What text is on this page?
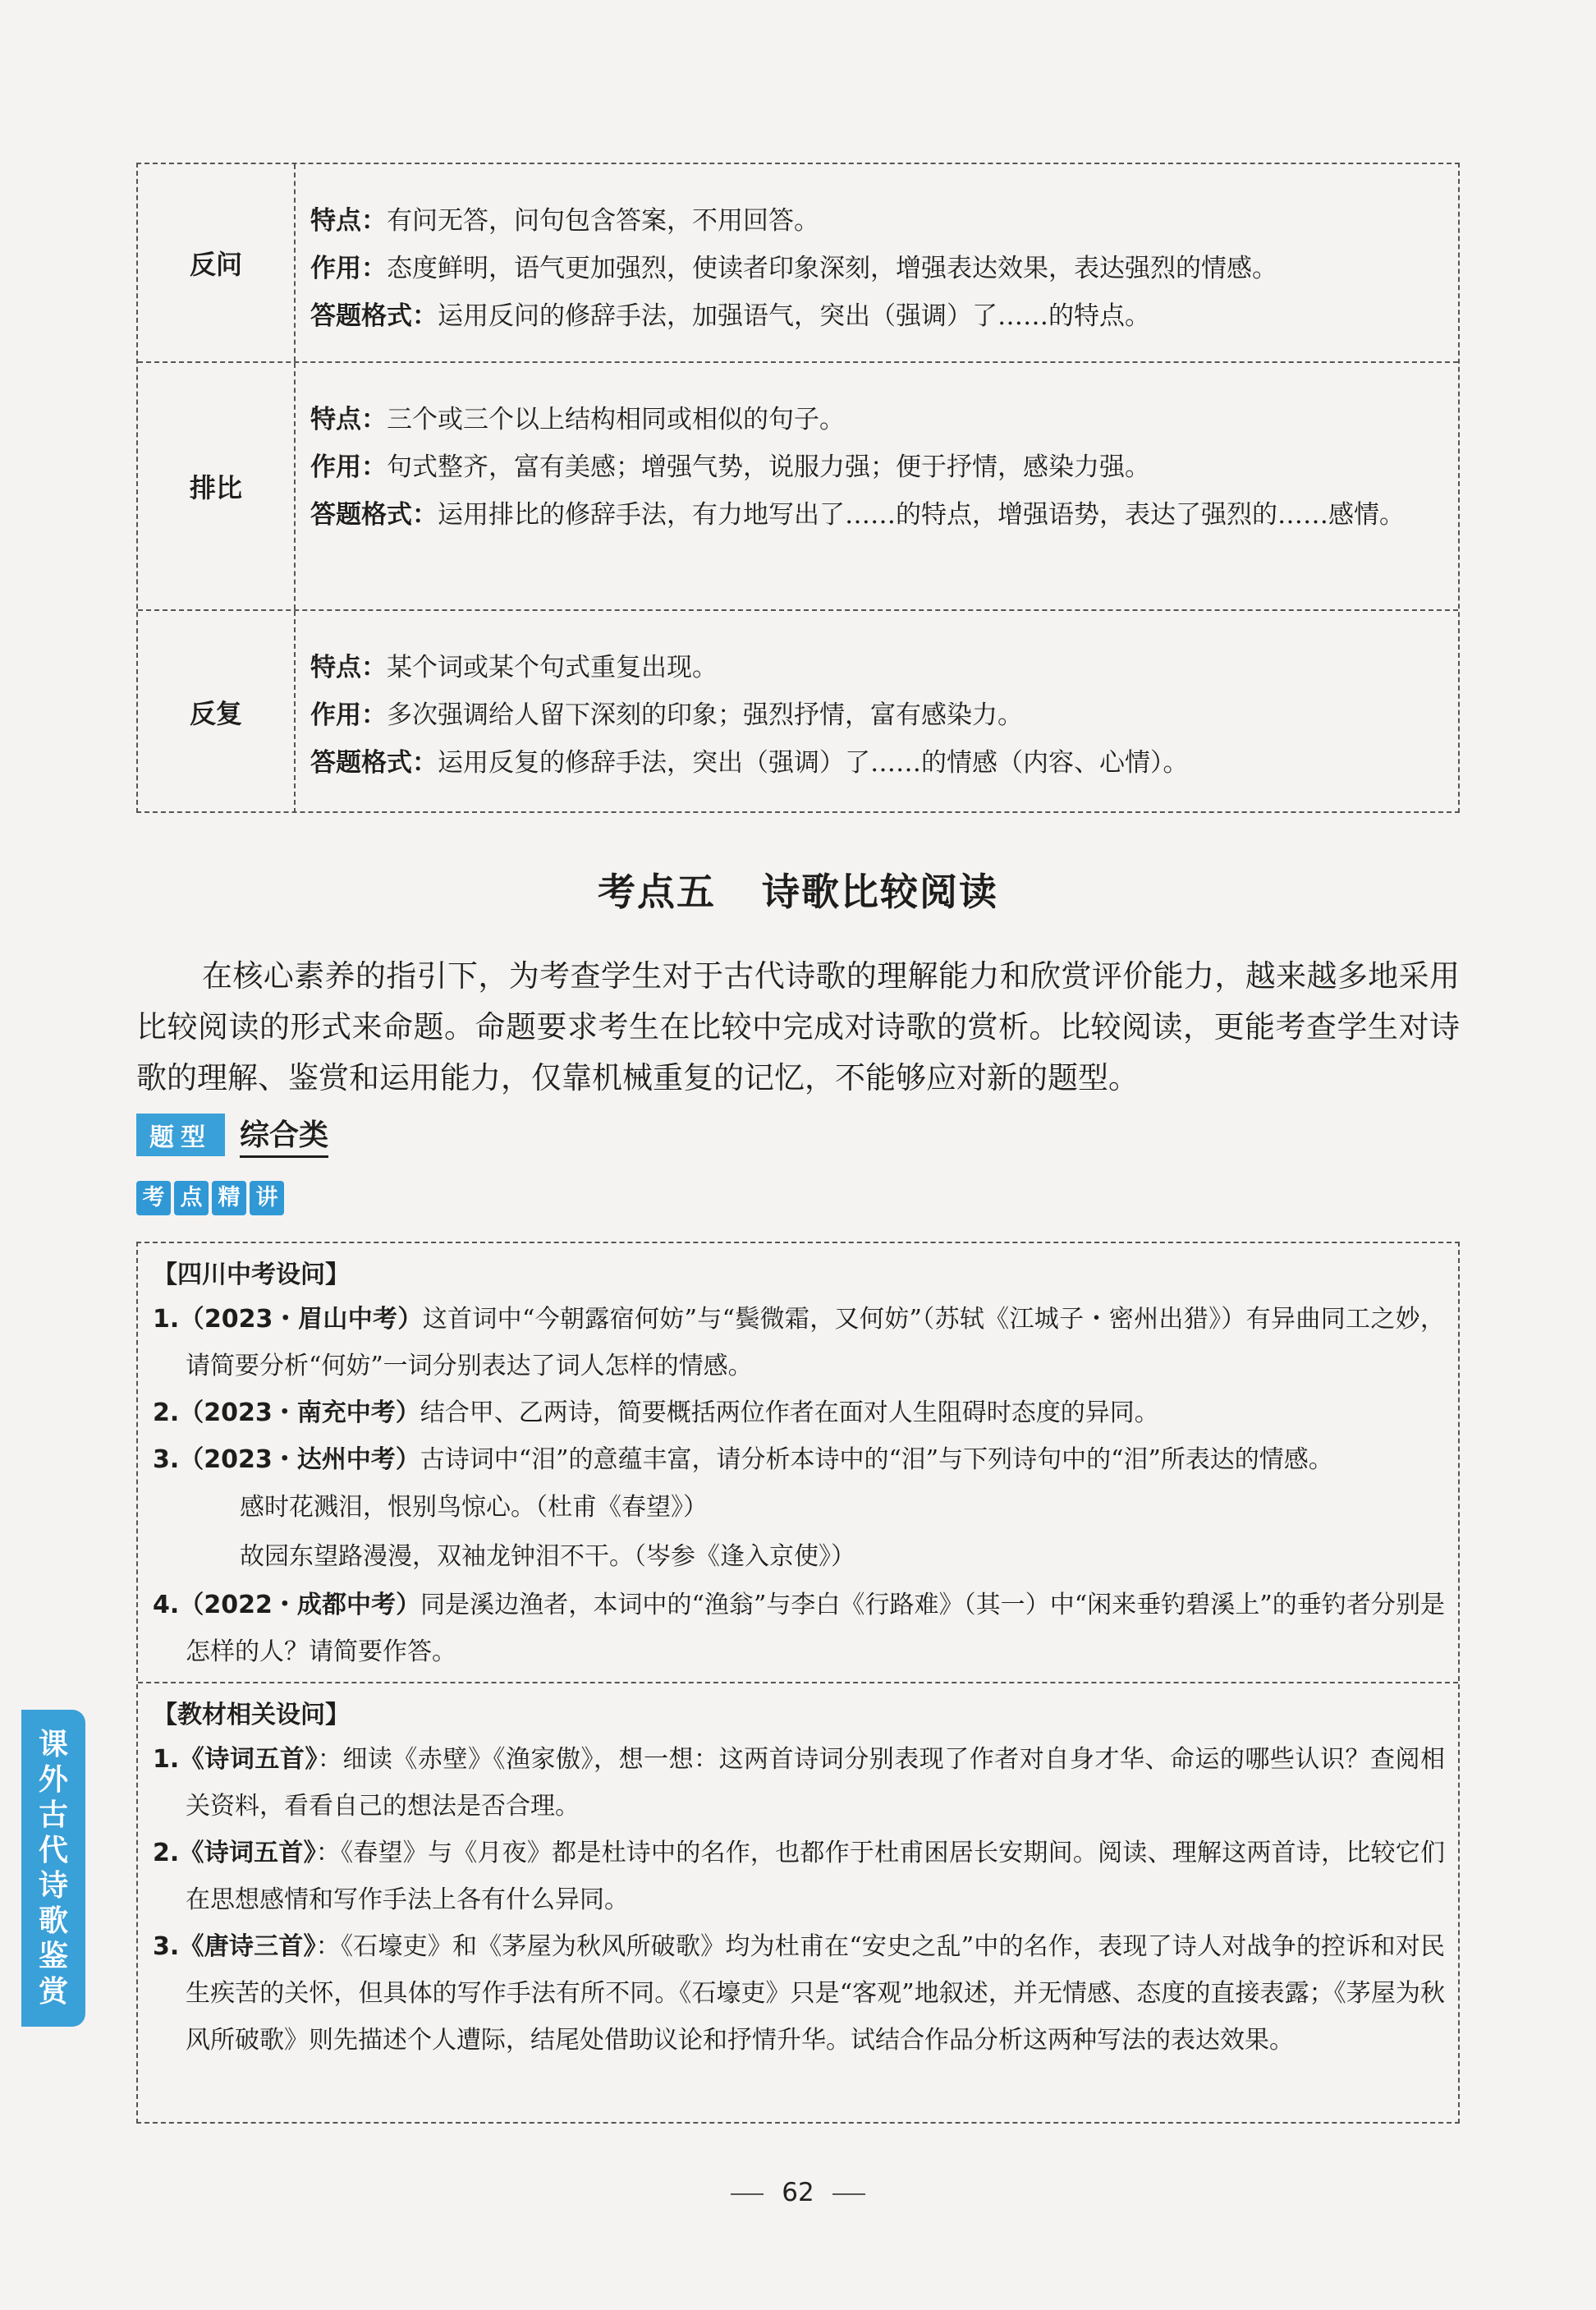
反问
特点：有问无答，问句包含答案，不用回答。
作用：态度鲜明，语气更加强烈，使读者印象深刻，增强表达效果，表达强烈的情感。
答题格式：运用反问的修辞手法，加强语气，突出（强调）了……的特点。
排比
特点：三个或三个以上结构相同或相似的句子。
作用：句式整齐，富有美感；增强气势，说服力强；便于抒情，感染力强。
答题格式：运用排比的修辞手法，有力地写出了……的特点，增强语势，表达了强烈的……感情。
反复
特点：某个词或某个句式重复出现。
作用：多次强调给人留下深刻的印象；强烈抒情，富有感染力。
答题格式：运用反复的修辞手法，突出（强调）了……的情感（内容、心情）。
考点五 诗歌比较阅读

在核心素养的指引下，为考查学生对于古代诗歌的理解能力和欣赏评价能力，越来越多地采用比较阅读的形式来命题。命题要求考生在比较中完成对诗歌的赏析。比较阅读，更能考查学生对诗歌的理解、鉴赏和运用能力，仅靠机械重复的记忆，不能够应对新的题型。

题型 综合类
考 点 精 讲
【四川中考设问】
1.（2023・眉山中考）这首词中“今朝露宿何妨”与“鬓微霜，又何妨”（苏轼《江城子・密州出猎》）有异曲同工之妙，请简要分析“何妨”一词分别表达了词人怎样的情感。
2.（2023・南充中考）结合甲、乙两诗，简要概括两位作者在面对人生阻碍时态度的异同。
3.（2023・达州中考）古诗词中“泪”的意蕴丰富，请分析本诗中的“泪”与下列诗句中的“泪”所表达的情感。
感时花溅泪，恨别鸟惊心。（杜甫《春望》）
故园东望路漫漫，双袖龙钟泪不干。（岑参《逢入京使》）
4.（2022・成都中考）同是溪边渔者，本词中的“渔翁”与李白《行路难》（其一）中“闲来垂钓碧溪上”的垂钓者分别是怎样的人？请简要作答。
【教材相关设问】
1.《诗词五首》：细读《赤壁》《渔家傲》，想一想：这两首诗词分别表现了作者对自身才华、命运的哪些认识？查阅相关资料，看看自己的想法是否合理。
2.《诗词五首》：《春望》与《月夜》都是杜诗中的名作，也都作于杜甫困居长安期间。阅读、理解这两首诗，比较它们在思想感情和写作手法上各有什么异同。
3.《唐诗三首》：《石壕吏》和《茅屋为秋风所破歌》均为杜甫在“安史之乱”中的名作，表现了诗人对战争的控诉和对民生疾苦的关怀，但具体的写作手法有所不同。《石壕吏》只是“客观”地叙述，并无情感、态度的直接表露；《茅屋为秋风所破歌》则先描述个人遭际，结尾处借助议论和抒情升华。试结合作品分析这两种写法的表达效果。
课
外
古
代
诗
歌
鉴
赏
62
